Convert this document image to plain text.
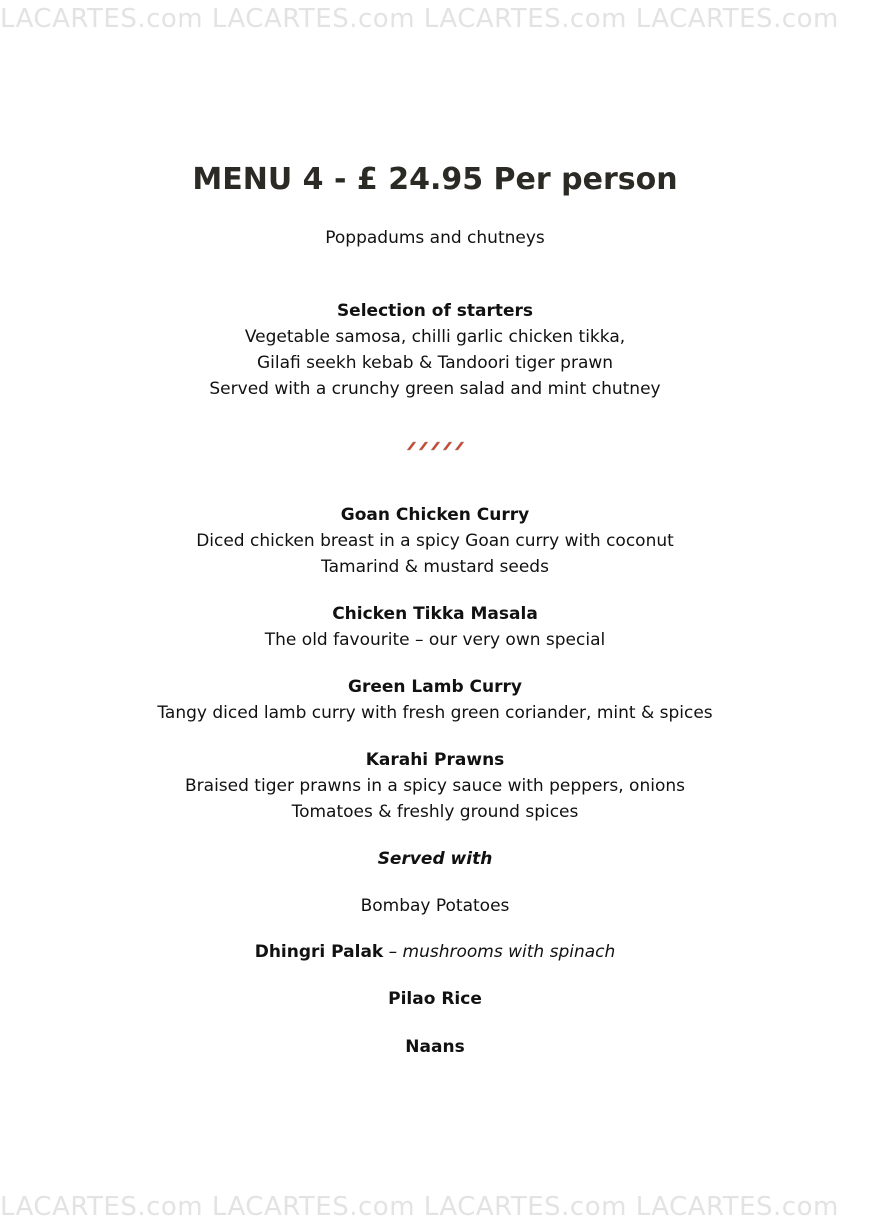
LACARTES.com LACARTES.com LACARTES.com LACARTES.com
MENU 4 - £ 24.95 Per person
Poppadums and chutneys
Selection of starters
Vegetable samosa, chilli garlic chicken tikka,
Gilafi seekh kebab & Tandoori tiger prawn
Served with a crunchy green salad and mint chutney
Goan Chicken Curry
Diced chicken breast in a spicy Goan curry with coconut
Tamarind & mustard seeds
Chicken Tikka Masala
The old favourite – our very own special
Green Lamb Curry
Tangy diced lamb curry with fresh green coriander, mint & spices
Karahi Prawns
Braised tiger prawns in a spicy sauce with peppers, onions
Tomatoes & freshly ground spices
Served with
Bombay Potatoes
Dhingri Palak – mushrooms with spinach
Pilao Rice
Naans
LACARTES.com LACARTES.com LACARTES.com LACARTES.com
